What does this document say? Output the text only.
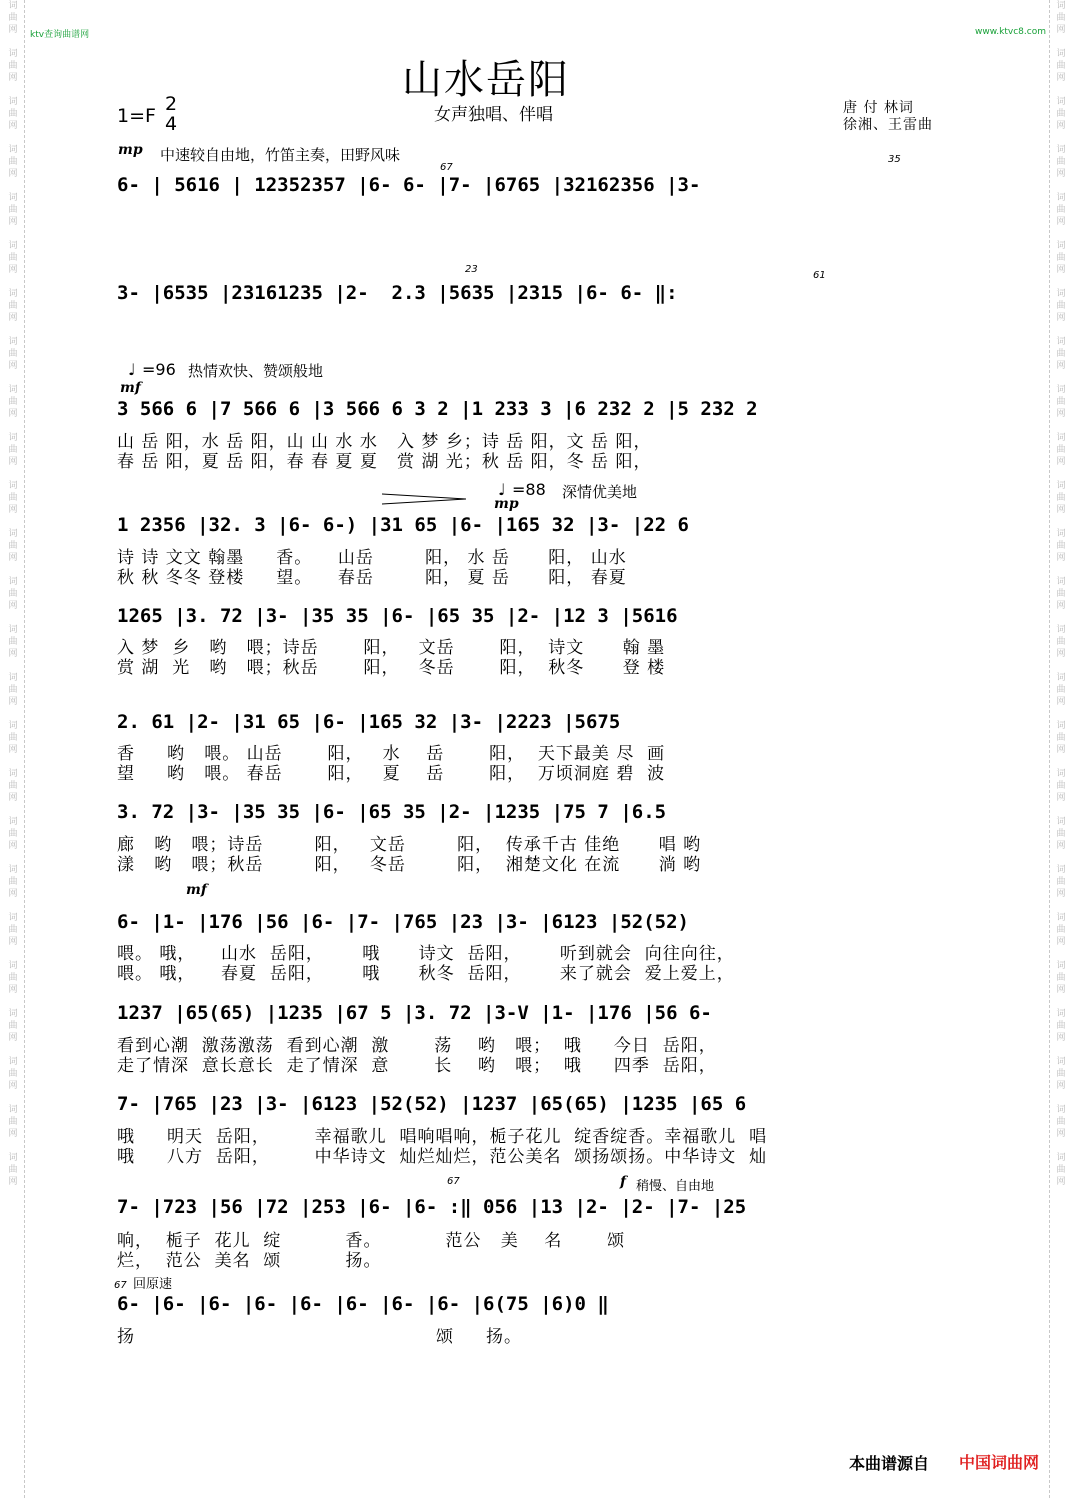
词
曲
网

词
曲
网

词
曲
网

词
曲
网

词
曲
网

词
曲
网

词
曲
网

词
曲
网

词
曲
网

词
曲
网

词
曲
网

词
曲
网

词
曲
网

词
曲
网

词
曲
网

词
曲
网

词
曲
网

词
曲
网

词
曲
网

词
曲
网

词
曲
网

词
曲
网

词
曲
网

词
曲
网

词
曲
网
词
曲
网

词
曲
网

词
曲
网

词
曲
网

词
曲
网

词
曲
网

词
曲
网

词
曲
网

词
曲
网

词
曲
网

词
曲
网

词
曲
网

词
曲
网

词
曲
网

词
曲
网

词
曲
网

词
曲
网

词
曲
网

词
曲
网

词
曲
网

词
曲
网

词
曲
网

词
曲
网

词
曲
网

词
曲
网
ktv查询曲谱网	www.ktvc8.com
山水岳阳
女声独唱、伴唱
1=F
2
4
唐 付 林词
徐湘、王雷曲
mp 中速较自由地，竹笛主奏，田野风味
67
35
23
61
♩ =96 热情欢快、赞颂般地
mf
♩ =88 深情优美地
mp
mf
67	f 稍慢、自由地
67 回原速
6- | 5616 | 12352357 |6- 6- |7- |6765 |32162356 |3-
3- |6535 |23161235 |2-  2.3 |5635 |2315 |6- 6- ‖:
3 566 6 |7 566 6 |3 566 6 3 2 |1 233 3 |6 232 2 |5 232 2
山 岳 阳，水 岳 阳，山 山 水 水   入 梦 乡；诗 岳 阳，文 岳 阳，
春 岳 阳，夏 岳 阳，春 春 夏 夏   赏 湖 光；秋 岳 阳，冬 岳 阳，
1 2356 |32. 3 |6- 6-) |31 65 |6- |165 32 |3- |22 6
诗 诗 文文 翰墨     香。    山岳        阳， 水 岳      阳， 山水
秋 秋 冬冬 登楼     望。    春岳        阳， 夏 岳      阳， 春夏
1265 |3. 72 |3- |35 35 |6- |65 35 |2- |12 3 |5616
入 梦  乡   哟   喂；诗岳       阳，   文岳       阳，  诗文      翰 墨
赏 湖  光   哟   喂；秋岳       阳，   冬岳       阳，  秋冬      登 楼
2. 61 |2- |31 65 |6- |165 32 |3- |2223 |5675
香     哟   喂。 山岳       阳，   水    岳       阳，  天下最美 尽  画
望     哟   喂。 春岳       阳，   夏    岳       阳，  万顷洞庭 碧  波
3. 72 |3- |35 35 |6- |65 35 |2- |1235 |75 7 |6.5
廊   哟   喂；诗岳        阳，   文岳        阳，  传承千古 佳绝      唱 哟
漾   哟   喂；秋岳        阳，   冬岳        阳，  湘楚文化 在流      淌 哟
6- |1- |176 |56 |6- |7- |765 |23 |3- |6123 |52(52)
喂。 哦，    山水  岳阳，      哦      诗文  岳阳，      听到就会  向往向往，
喂。 哦，    春夏  岳阳，      哦      秋冬  岳阳，      来了就会  爱上爱上，
1237 |65(65) |1235 |67 5 |3. 72 |3-V |1- |176 |56 6-
看到心潮  激荡激荡  看到心潮  激       荡    哟   喂；  哦     今日  岳阳，
走了情深  意长意长  走了情深  意       长    哟   喂；  哦     四季  岳阳，
7- |765 |23 |3- |6123 |52(52) |1237 |65(65) |1235 |65 6
哦     明天  岳阳，       幸福歌儿  唱响唱响，栀子花儿  绽香绽香。幸福歌儿  唱
哦     八方  岳阳，       中华诗文  灿烂灿烂，范公美名  颂扬颂扬。中华诗文  灿
7- |723 |56 |72 |253 |6- |6- :‖ 056 |13 |2- |2- |7- |25
响，  栀子  花儿  绽          香。          范公   美    名       颂
烂，  范公  美名  颂          扬。
6- |6- |6- |6- |6- |6- |6- |6- |6(75 |6)0 ‖
扬                                               颂     扬。
本曲谱源自 中国词曲网
